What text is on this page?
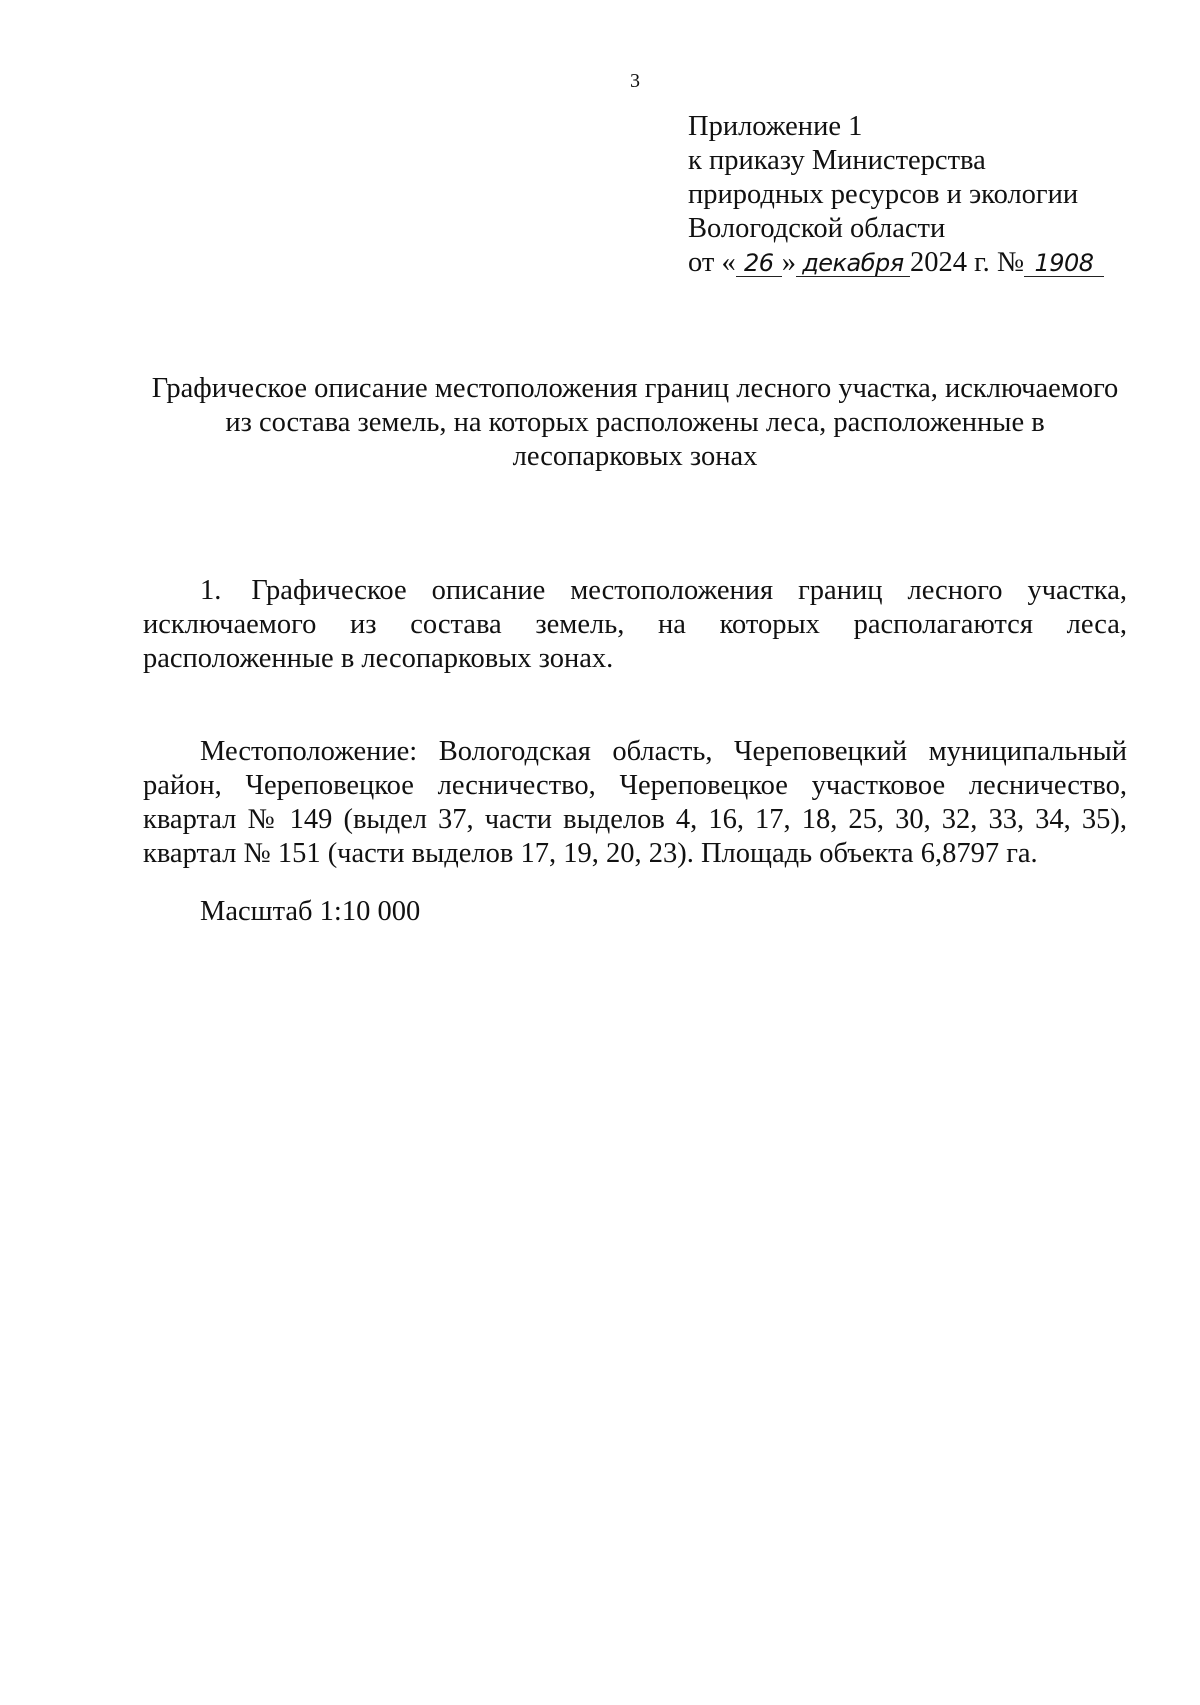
3
Приложение 1
к приказу Министерства
природных ресурсов и экологии
Вологодской области
от « 26 » декабря 2024 г. № 1908
Графическое описание местоположения границ лесного участка, исключаемого из состава земель, на которых расположены леса, расположенные в лесопарковых зонах
1. Графическое описание местоположения границ лесного участка, исключаемого из состава земель, на которых располагаются леса, расположенные в лесопарковых зонах.
Местоположение: Вологодская область, Череповецкий муниципальный район, Череповецкое лесничество, Череповецкое участковое лесничество, квартал № 149 (выдел 37, части выделов 4, 16, 17, 18, 25, 30, 32, 33, 34, 35), квартал № 151 (части выделов 17, 19, 20, 23). Площадь объекта 6,8797 га.
Масштаб 1:10 000
